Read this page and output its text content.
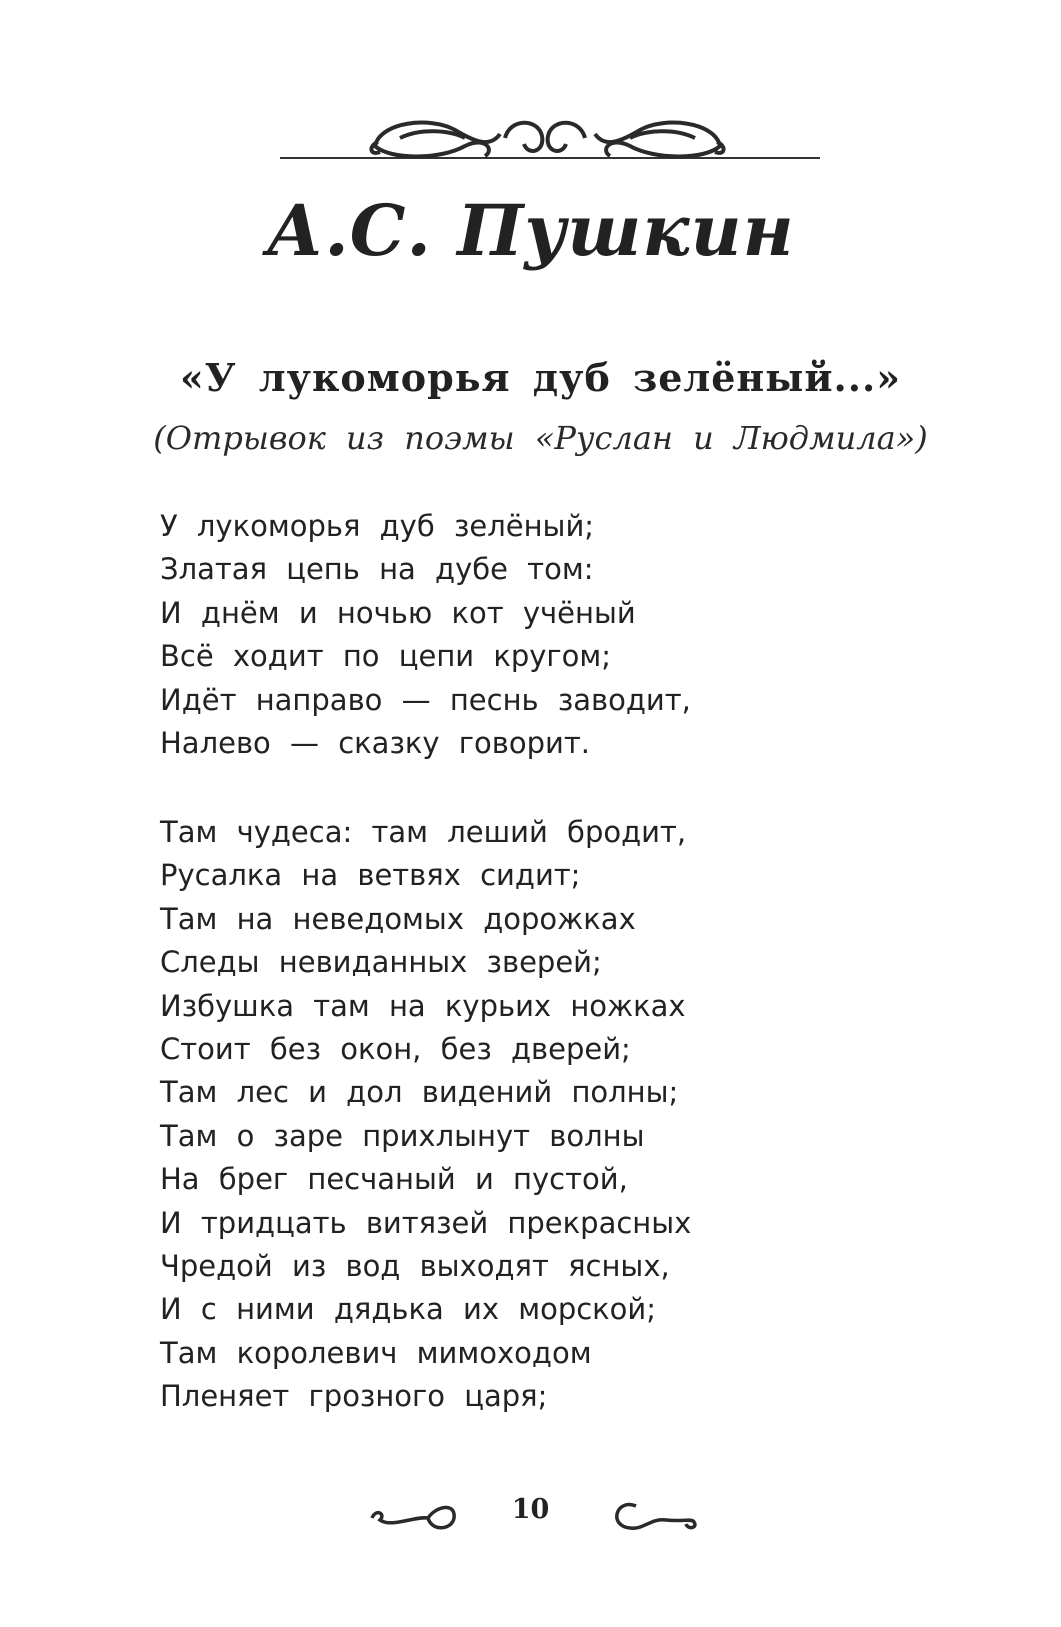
А.С. Пушкин
«У лукоморья дуб зелёный...»
(Отрывок из поэмы «Руслан и Людмила»)
У лукоморья дуб зелёный;
Златая цепь на дубе том:
И днём и ночью кот учёный
Всё ходит по цепи кругом;
Идёт направо — песнь заводит,
Налево — сказку говорит.
Там чудеса: там леший бродит,
Русалка на ветвях сидит;
Там на неведомых дорожках
Следы невиданных зверей;
Избушка там на курьих ножках
Стоит без окон, без дверей;
Там лес и дол видений полны;
Там о заре прихлынут волны
На брег песчаный и пустой,
И тридцать витязей прекрасных
Чредой из вод выходят ясных,
И с ними дядька их морской;
Там королевич мимоходом
Пленяет грозного царя;
10
